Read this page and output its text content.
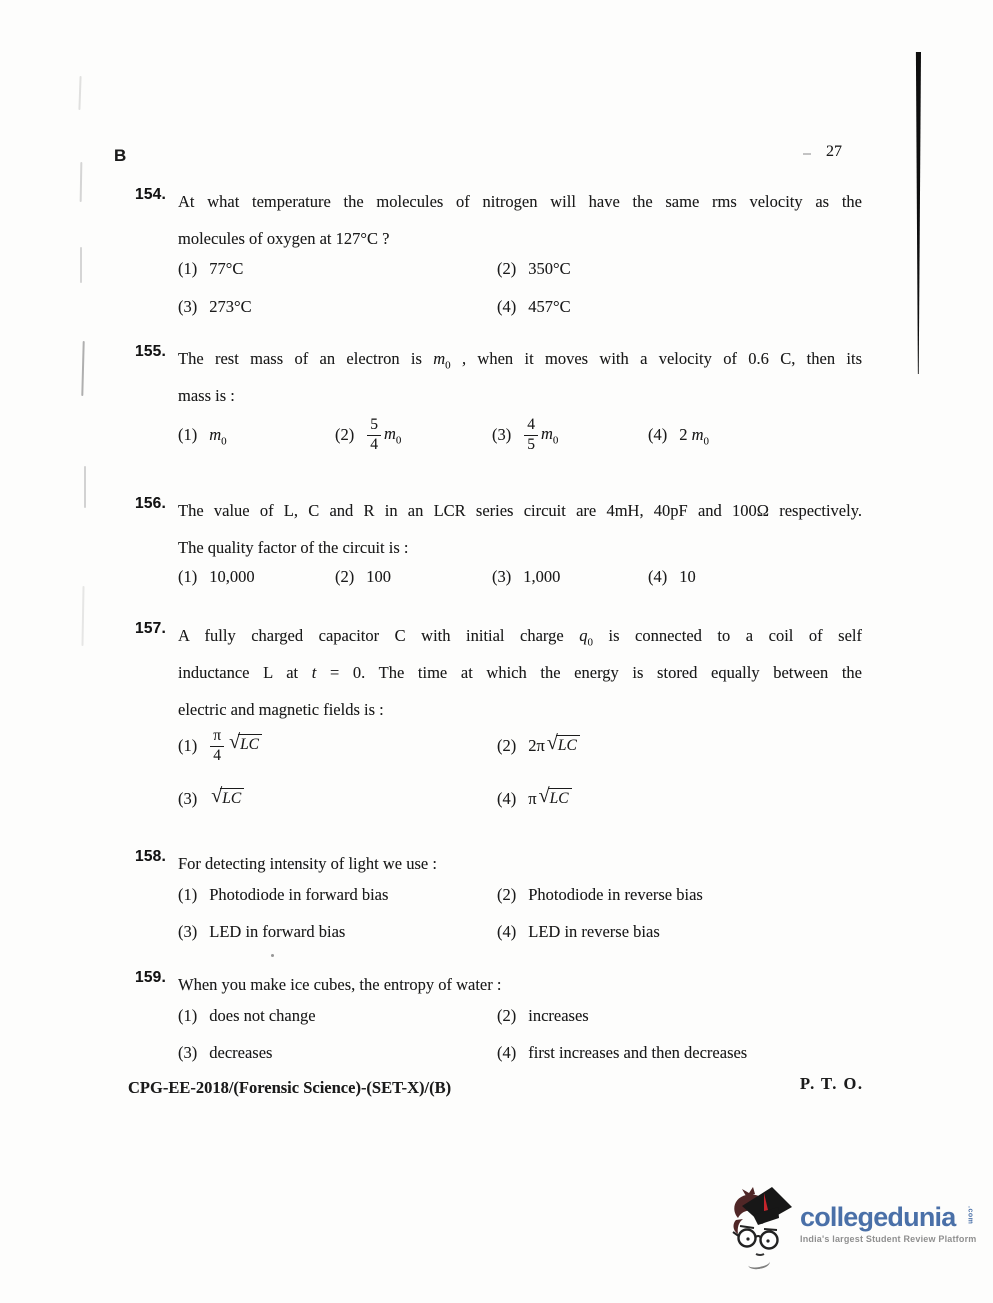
B	27
154. At what temperature the molecules of nitrogen will have the same rms velocity as the
molecules of oxygen at 127°C ?
(1) 77°C	(2) 350°C
(3) 273°C	(4) 457°C
155. The rest mass of an electron is $m_0$ , when it moves with a velocity of 0.6 C, then its
mass is :
(1) $m_0$	$(2) \frac{5}{4} m_0$	$(3) \frac{4}{5} m_0$	(4) 2 $m_0$
156. The value of L, C and R in an LCR series circuit are 4mH, 40pF and 100Ω respectively.
The quality factor of the circuit is :
(1) 10,000	(2) 100	(3) 1,000	(4) 10
157. A fully charged capacitor C with initial charge $q_0$ is connected to a coil of self
inductance L at t = 0. The time at which the energy is stored equally between the
electric and magnetic fields is :
$(1) \frac{\pi}{4}$ √ LC	(2) 2π √ LC
(3) √ LC	(4) π √ LC
158. For detecting intensity of light we use :
(1) Photodiode in forward bias	(2) Photodiode in reverse bias
(3) LED in forward bias	(4) LED in reverse bias
159. When you make ice cubes, the entropy of water :
(1) does not change	(2) increases
(3) decreases	(4) first increases and then decreases
CPG-EE-2018/(Forensic Science)-(SET-X)/(B)	P. T. O.
collegedunia	.com
India's largest Student Review Platform
